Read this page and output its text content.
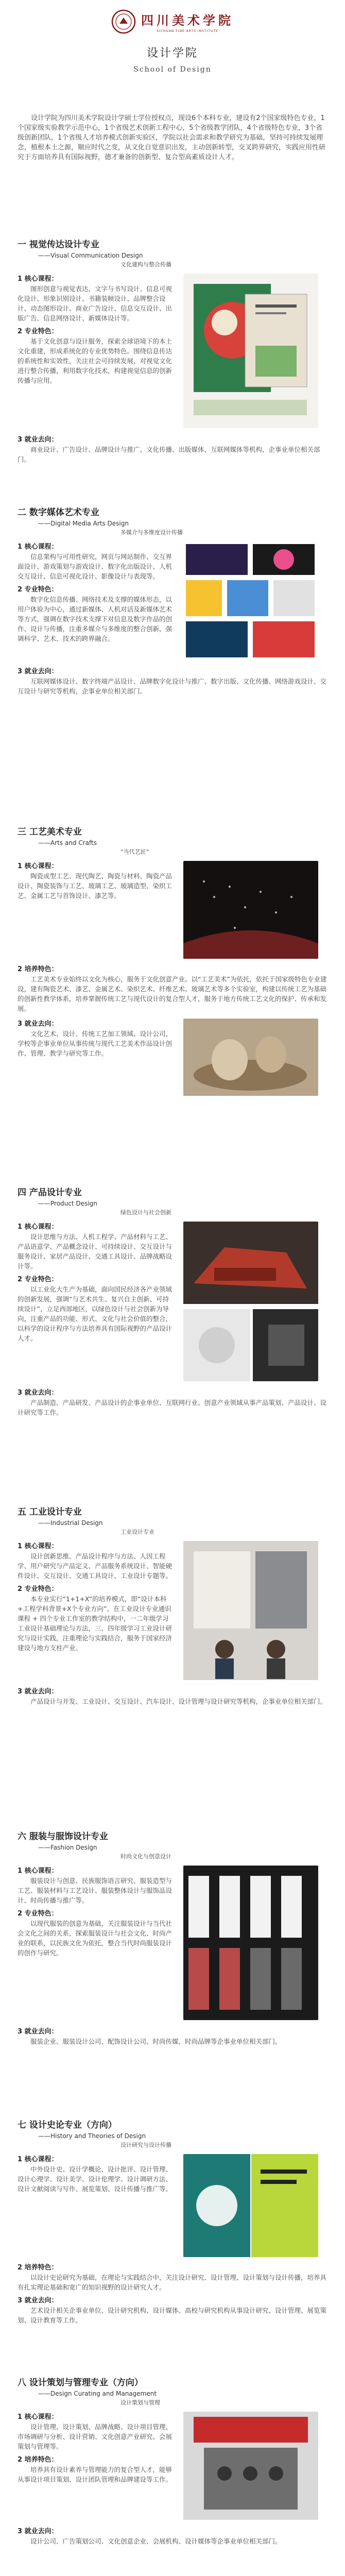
四川美术学院
SICHUAN FINE ARTS INSTITUTE
设计学院
School of Design
设计学院为四川美术学院设计学硕士学位授权点，现设6个本科专业，建设有2个国家级特色专业，1个国家级实验教学示范中心，1个省级艺术创新工程中心，5个省级教学团队，4个省级特色专业，3个省级创新团队，1个省级人才培养模式创新实验区，学院以社会需求和教学研究为基础，坚持可持续发展理念，植根本土之源，顺应时代之变，从文化自觉意识出发，主动创新转型，交叉跨界研究，实践应用性研究于方面培养具有国际视野，德才兼备的创新型、复合型高素质设计人才。
一 视觉传达设计专业
——Visual Communication Design
文化建构与整合传播
1 核心课程：
图形创意与视觉表达、文字与书写设计、信息可视化设计、形象识别设计、书籍装帧设计、品牌整合设计、动态图形设计、商业广告设计、信息交互设计、出版广告、信息网络设计、新媒体设计等。
2 专业特色：
基于文化创意与设计服务，探索全球语境下的本土文化重建，形成系统化的专业优势特色。围绕信息传达的系统性和实效性，关注社会可持续发展，对视觉文化进行整合传播，利用数字化技术，构建视觉信息的创新传播与应用。
3 就业去向：
商业设计、广告设计、品牌设计与推广、文化传播、出版媒体、互联网媒体等机构，企事业单位相关部门。
二 数字媒体艺术专业
——Digital Media Arts Design
多媒介与多维度设计传播
1 核心课程：
信息架构与可用性研究，网页与网站制作、交互界面设计、游戏策划与游戏设计、数字化出版设计、人机交互设计、信息可视化设计、影像设计与表现等。
2 专业特色：
数字化信息传播、网络技术及支撑的媒体形态，以用户体验为中心，通过新媒体、人机对话及新媒体艺术等方式，强调在数字技术支撑下对信息及数字作品的创作、设计与传播，注重多媒介与多维度的整合创新，强调科学、艺术、技术的跨界融合。
3 就业去向：
互联网媒体设计、数字终端产品设计、品牌数字化设计与推广、数字出版、文化传播、网络游戏设计、交互设计与研究等机构，企事业单位相关部门。
三 工艺美术专业
——Arts and Crafts
“当代艺匠”
1 核心课程：
陶瓷成型工艺、现代陶艺、陶瓷与材料、陶瓷产品设计、陶瓷装饰与工艺、玻璃工艺、玻璃造型、染织工艺、金属工艺与首饰设计、漆艺等。
2 培养特色：
工艺美术专业始终以文化为核心，服务于文化创意产业。以“工艺美术”为依托，依托于国家级特色专业建设，建有陶瓷艺术、漆艺、金属艺术、染织艺术、纤维艺术、玻璃艺术等多个实验室，构建以传统工艺为基础的创新性教学体系，培养掌握传统工艺与现代设计的复合型人才，服务于地方传统工艺文化的保护、传承和发展。
3 就业去向：
文化艺术、设计、传统工艺加工领域、设计公司、学校等企事业单位从事传统与现代工艺美术作品设计创作、管理、教学与研究等工作。
四 产品设计专业
——Product Design
绿色设计与社会创新
1 核心课程：
设计思维与方法、人机工程学、产品材料与工艺、产品语意学、产品概念设计、可持续设计、交互设计与服务设计、家居产品设计、交通工具设计、品牌战略设计等。
2 专业特色：
以工业化大生产为基础，面向国民经济各产业领域的创新发展，强调“与艺术共生、复兴自主创新、可持续设计”，立足西部地区，以绿色设计与社会创新为导向，注重产品的功能、形式、文化与社会价值的整合，以科学的设计程序与方法培养具有国际视野的产品设计人才。
3 就业去向：
产品制造、产品研发、产品设计的企事业单位、互联网行业、创意产业领域从事产品策划、产品设计、设计研究等工作。
五 工业设计专业
——Industrial Design
工业设计专业
1 核心课程：
设计创新思维、产品设计程序与方法、人因工程学、用户研究与产品定义、产品服务系统设计、智能硬件设计、交互设计、交通工具设计、工业设计专题等。
2 专业特色：
本专业实行“1+1+X”的培养模式，即“设计本科+工程学科背景+X个专业方向”。在工业设计专业通识课程 + 四个专业工作室的教学结构中，一二年级学习工业设计基础理论与方法，三、四年级学习工业设计研究与设计实践，注重理论与实践结合，服务于国家经济建设与地方支柱产业。
3 就业去向：
产品设计与开发、工业设计、交互设计、汽车设计、设计管理与设计研究等机构，企事业单位相关部门。
六 服装与服饰设计专业
——Fashion Design
时尚文化与创意设计
1 核心课程：
服装设计与创意、民族服饰语言研究、服装造型与工艺、服装材料与工艺设计、服装整体设计与服饰品设计、时尚传播与推广等。
2 专业特色：
以现代服装的创意为基础，关注服装设计与当代社会文化之间的关系，探索服装设计与社会文化、时尚产业的联系，以民族文化为依托，整合当代时尚服装设计的创作与研究。
3 就业去向：
服装企业、服装设计公司、配饰设计公司、时尚传媒、时尚品牌等企事业单位相关部门。
七 设计史论专业（方向）
——History and Theories of Design
设计研究与设计传播
1 核心课程：
中外设计史、设计学概论、设计批评、设计管理、设计心理学、设计美学、设计伦理学、设计调研方法、设计文献阅读与写作、展览策划、设计传播与推广等。
2 培养特色：
以设计史论研究为基础，在理论与实践结合中，关注设计研究、设计管理、设计策划与设计传播，培养具有扎实理论基础和宽广的知识视野的设计研究人才。
3 就业去向：
艺术设计相关企事业单位、设计研究机构、设计媒体、高校与研究机构从事设计研究、设计管理、展览策划、设计教育等工作。
八 设计策划与管理专业（方向）
——Design Curating and Management
设计策划与管理
1 核心课程：
设计管理、设计策划、品牌战略、设计项目管理、市场调研与分析、设计营销、文化创意产业研究、会展策划与管理等。
2 培养特色：
培养具有设计素养与管理能力的复合型人才，能够从事设计项目策划、设计团队管理和品牌建设等工作。
3 就业去向：
设计公司、广告策划公司、文化创意企业、会展机构、设计媒体等企事业单位相关部门。
